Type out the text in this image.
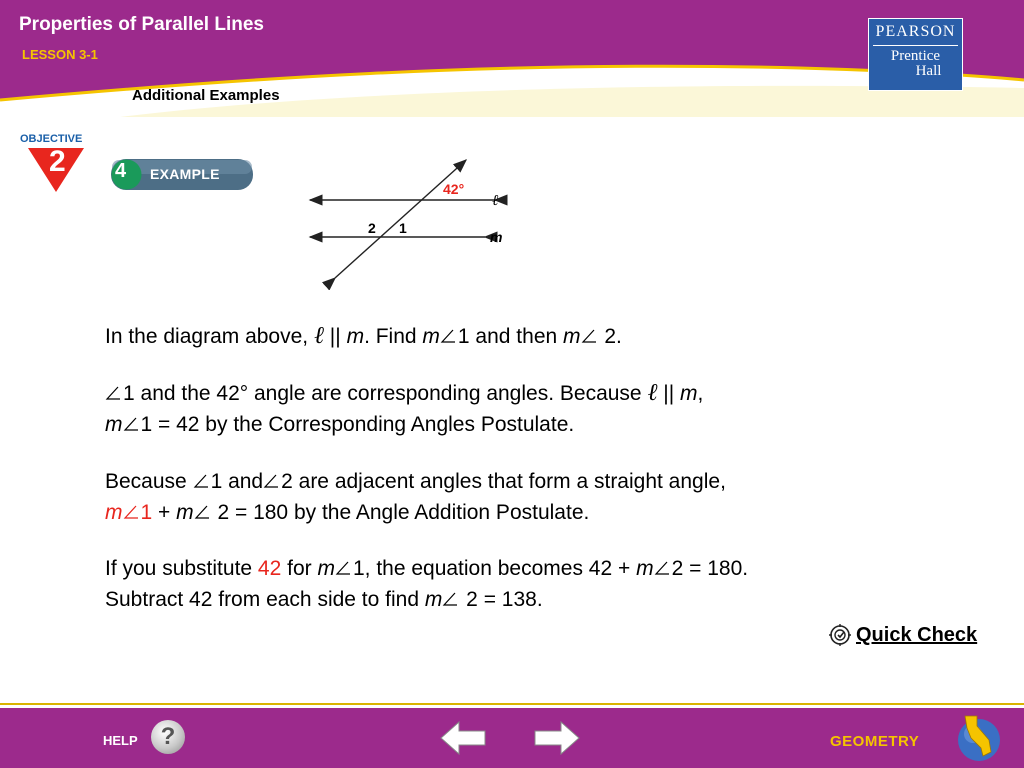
Properties of Parallel Lines
LESSON 3-1
Additional Examples
PEARSON
Prentice
Hall
OBJECTIVE
2 4 EXAMPLE
42°
ℓ
m
2 1
In the diagram above, ℓ || m. Find m 1 and then m 2.
1 and the 42° angle are corresponding angles. Because ℓ || m,
m 1 = 42 by the Corresponding Angles Postulate.
Because 1 and 2 are adjacent angles that form a straight angle,
m 1 + m 2 = 180 by the Angle Addition Postulate.
If you substitute 42 for m 1, the equation becomes 42 + m 2 = 180.
Subtract 42 from each side to find m 2 = 138.
Quick Check
HELP ?	GEOMETRY
